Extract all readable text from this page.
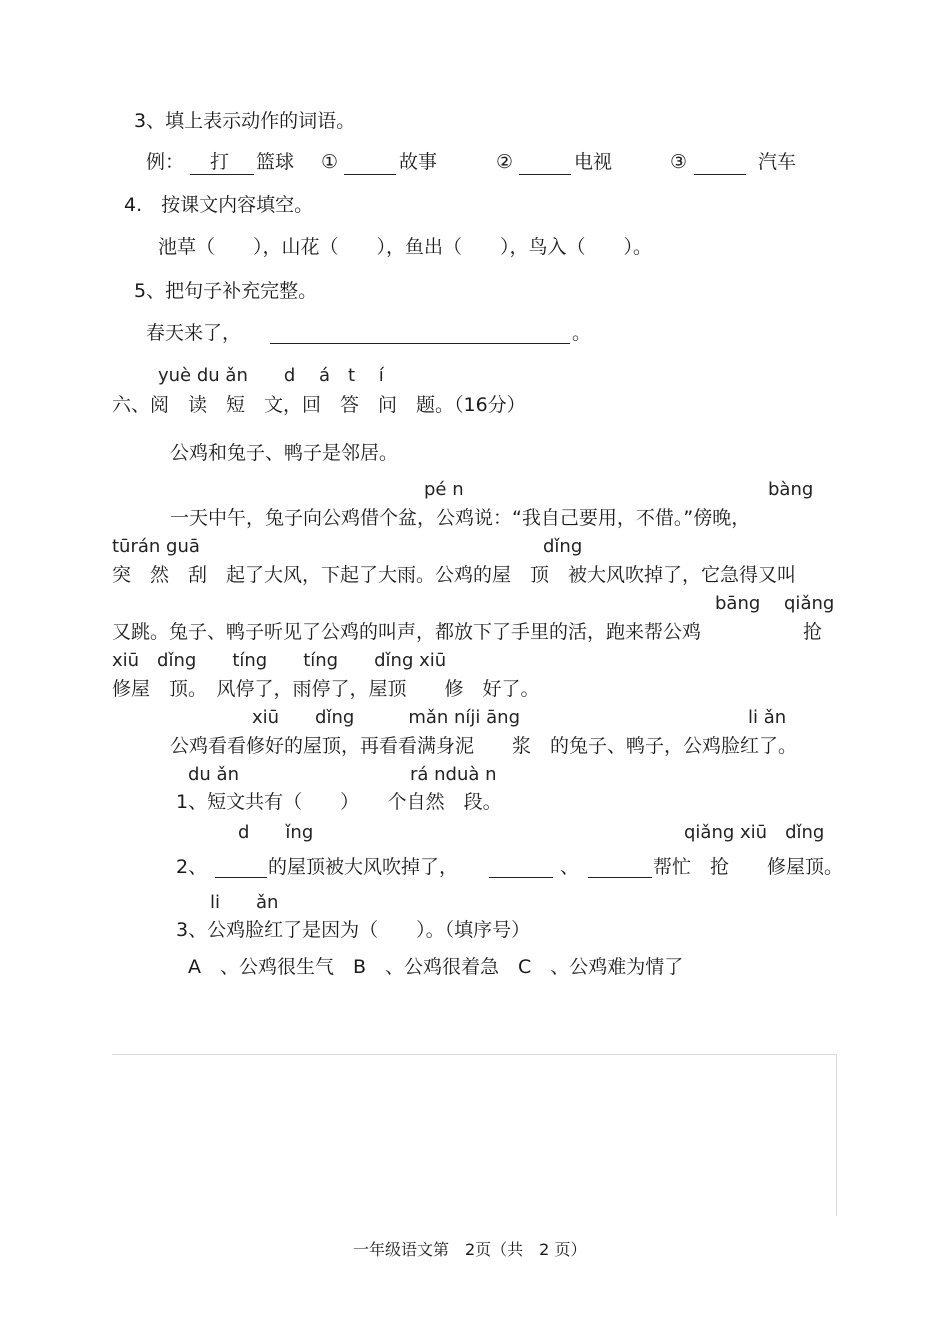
3、填上表示动作的词语。
例： 打 篮球 ①	故事	②	电视	③	汽车
4.　按课文内容填空。
池草（　　），山花（　　），鱼出（　　），鸟入（　　）。
5、把句子补充完整。
春天来了，	。
yuè du ǎn　　d　 á　t　 í
六、阅　读　短　文，回　答　问　题。（16分）
公鸡和兔子、鸭子是邻居。
pé n	bàng
一天中午，兔子向公鸡借个盆，公鸡说：“我自己要用，不借。”傍晚，
tūrán guā	dǐng
突　然　刮　起了大风，下起了大雨。公鸡的屋　顶　被大风吹掉了，它急得又叫
bāng　 qiǎng
又跳。兔子、鸭子听见了公鸡的叫声，都放下了手里的活，跑来帮公鸡	抢
xiū　dǐng　　tíng　　tíng　　dǐng xiū
修屋　顶。　风停了，雨停了，屋顶　　修　好了。
xiū　　dǐng　　　mǎn níji āng	li ǎn
公鸡看看修好的屋顶，再看看满身泥　　浆　的兔子、鸭子，公鸡脸红了。
du ǎn	rá nduà n
1、短文共有（　　）　　个自然　段。
d　　ǐng	qiǎng xiū　dǐng
2、	的屋顶被大风吹掉了，	、	帮忙　抢　　修屋顶。
li　　ǎn
3、公鸡脸红了是因为（　　）。（填序号）
A　、公鸡很生气　B　、公鸡很着急　C　、公鸡难为情了
一年级语文第　2页（共　2 页）
